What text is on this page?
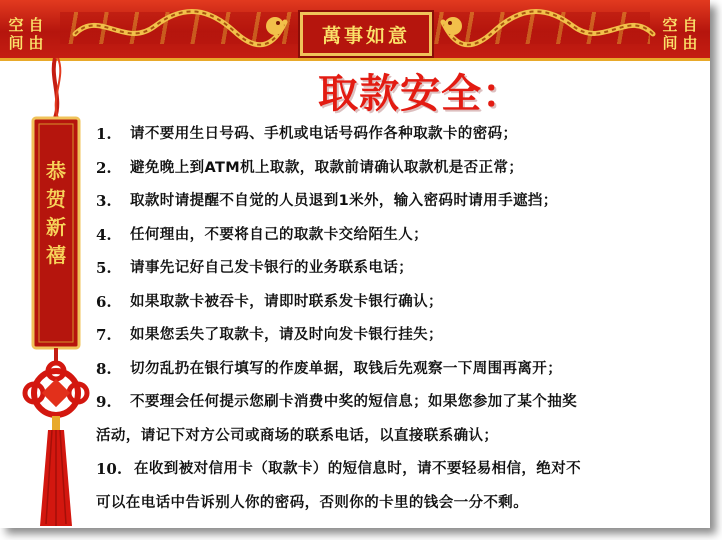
空 自
间 由	萬事如意	空 自
间 由
恭
贺
新
禧
取款安全：
1. 请不要用生日号码、手机或电话号码作各种取款卡的密码；
2. 避免晚上到ATM机上取款，取款前请确认取款机是否正常；
3. 取款时请提醒不自觉的人员退到1米外，输入密码时请用手遮挡；
4. 任何理由，不要将自己的取款卡交给陌生人；
5. 请事先记好自己发卡银行的业务联系电话；
6. 如果取款卡被吞卡，请即时联系发卡银行确认；
7. 如果您丢失了取款卡，请及时向发卡银行挂失；
8. 切勿乱扔在银行填写的作废单据，取钱后先观察一下周围再离开；
9. 不要理会任何提示您刷卡消费中奖的短信息；如果您参加了某个抽奖
活动，请记下对方公司或商场的联系电话，以直接联系确认；
10. 在收到被对信用卡（取款卡）的短信息时，请不要轻易相信，绝对不
可以在电话中告诉别人你的密码，否则你的卡里的钱会一分不剩。
